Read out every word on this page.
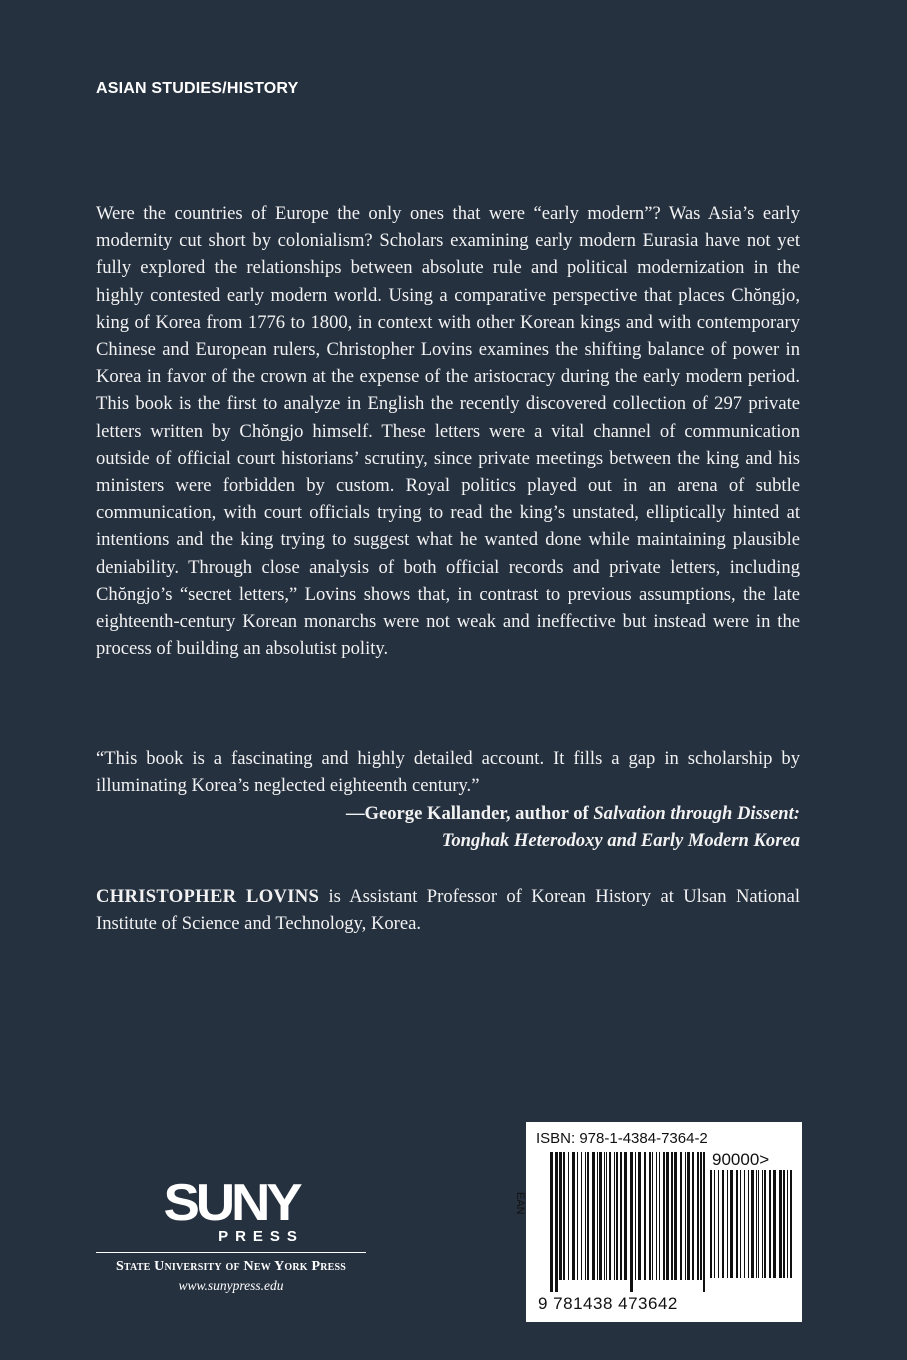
ASIAN STUDIES/HISTORY

Were the countries of Europe the only ones that were “early modern”? Was Asia’s early modernity cut short by colonialism? Scholars examining early modern Eurasia have not yet fully explored the relationships between absolute rule and political modernization in the highly contested early modern world. Using a comparative perspective that places Chŏngjo, king of Korea from 1776 to 1800, in context with other Korean kings and with contemporary Chinese and European rulers, Christopher Lovins examines the shifting balance of power in Korea in favor of the crown at the expense of the aristocracy during the early modern period. This book is the first to analyze in English the recently discovered collection of 297 private letters written by Chŏngjo himself. These letters were a vital channel of communication outside of official court historians’ scrutiny, since private meetings between the king and his ministers were forbidden by custom. Royal politics played out in an arena of subtle communication, with court officials trying to read the king’s unstated, elliptically hinted at intentions and the king trying to suggest what he wanted done while maintaining plausible deniability. Through close analysis of both official records and private letters, including Chŏngjo’s “secret letters,” Lovins shows that, in contrast to previous assumptions, the late eighteenth-century Korean monarchs were not weak and ineffective but instead were in the process of building an absolutist polity.

“This book is a fascinating and highly detailed account. It fills a gap in scholarship by illuminating Korea’s neglected eighteenth century.”

—George Kallander, author of Salvation through Dissent:
Tonghak Heterodoxy and Early Modern Korea

CHRISTOPHER LOVINS is Assistant Professor of Korean History at Ulsan National Institute of Science and Technology, Korea.

SUNY
PRESS
State University of New York Press
www.sunypress.edu
ISBN: 978-1-4384-7364-2
90000>
EAN
9 781438 473642
